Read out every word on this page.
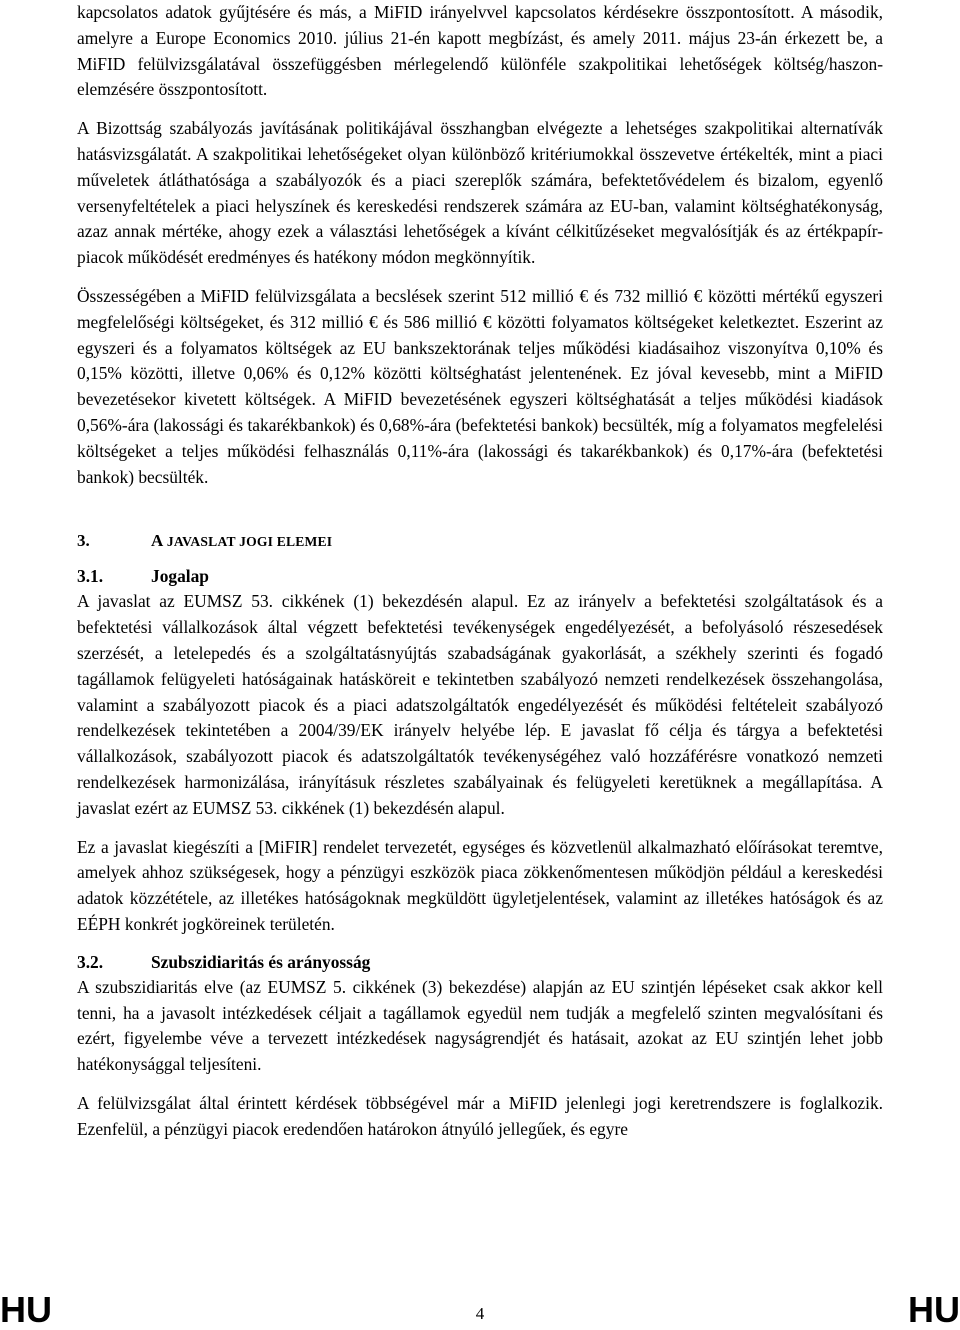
kapcsolatos adatok gyűjtésére és más, a MiFID irányelvvel kapcsolatos kérdésekre összpontosított. A második, amelyre a Europe Economics 2010. július 21-én kapott megbízást, és amely 2011. május 23-án érkezett be, a MiFID felülvizsgálatával összefüggésben mérlegelendő különféle szakpolitikai lehetőségek költség/haszon-elemzésére összpontosított.

A Bizottság szabályozás javításának politikájával összhangban elvégezte a lehetséges szakpolitikai alternatívák hatásvizsgálatát. A szakpolitikai lehetőségeket olyan különböző kritériumokkal összevetve értékelték, mint a piaci műveletek átláthatósága a szabályozók és a piaci szereplők számára, befektetővédelem és bizalom, egyenlő versenyfeltételek a piaci helyszínek és kereskedési rendszerek számára az EU-ban, valamint költséghatékonyság, azaz annak mértéke, ahogy ezek a választási lehetőségek a kívánt célkitűzéseket megvalósítják és az értékpapír-piacok működését eredményes és hatékony módon megkönnyítik.

Összességében a MiFID felülvizsgálata a becslések szerint 512 millió € és 732 millió € közötti mértékű egyszeri megfelelőségi költségeket, és 312 millió € és 586 millió € közötti folyamatos költségeket keletkeztet. Eszerint az egyszeri és a folyamatos költségek az EU bankszektorának teljes működési kiadásaihoz viszonyítva 0,10% és 0,15% közötti, illetve 0,06% és 0,12% közötti költséghatást jelentenének. Ez jóval kevesebb, mint a MiFID bevezetésekor kivetett költségek. A MiFID bevezetésének egyszeri költséghatását a teljes működési kiadások 0,56%-ára (lakossági és takarékbankok) és 0,68%-ára (befektetési bankok) becsülték, míg a folyamatos megfelelési költségeket a teljes működési felhasználás 0,11%-ára (lakossági és takarékbankok) és 0,17%-ára (befektetési bankok) becsülték.

3.	A JAVASLAT JOGI ELEMEI
3.1.	Jogalap

A javaslat az EUMSZ 53. cikkének (1) bekezdésén alapul. Ez az irányelv a befektetési szolgáltatások és a befektetési vállalkozások által végzett befektetési tevékenységek engedélyezését, a befolyásoló részesedések szerzését, a letelepedés és a szolgáltatásnyújtás szabadságának gyakorlását, a székhely szerinti és fogadó tagállamok felügyeleti hatóságainak hatásköreit e tekintetben szabályozó nemzeti rendelkezések összehangolása, valamint a szabályozott piacok és a piaci adatszolgáltatók engedélyezését és működési feltételeit szabályozó rendelkezések tekintetében a 2004/39/EK irányelv helyébe lép. E javaslat fő célja és tárgya a befektetési vállalkozások, szabályozott piacok és adatszolgáltatók tevékenységéhez való hozzáférésre vonatkozó nemzeti rendelkezések harmonizálása, irányításuk részletes szabályainak és felügyeleti keretüknek a megállapítása. A javaslat ezért az EUMSZ 53. cikkének (1) bekezdésén alapul.

Ez a javaslat kiegészíti a [MiFIR] rendelet tervezetét, egységes és közvetlenül alkalmazható előírásokat teremtve, amelyek ahhoz szükségesek, hogy a pénzügyi eszközök piaca zökkenőmentesen működjön például a kereskedési adatok közzététele, az illetékes hatóságoknak megküldött ügyletjelentések, valamint az illetékes hatóságok és az EÉPH konkrét jogköreinek területén.

3.2.	Szubszidiaritás és arányosság

A szubszidiaritás elve (az EUMSZ 5. cikkének (3) bekezdése) alapján az EU szintjén lépéseket csak akkor kell tenni, ha a javasolt intézkedések céljait a tagállamok egyedül nem tudják a megfelelő szinten megvalósítani és ezért, figyelembe véve a tervezett intézkedések nagyságrendjét és hatásait, azokat az EU szintjén lehet jobb hatékonysággal teljesíteni.

A felülvizsgálat által érintett kérdések többségével már a MiFID jelenlegi jogi keretrendszere is foglalkozik. Ezenfelül, a pénzügyi piacok eredendően határokon átnyúló jellegűek, és egyre

HU	4	HU
